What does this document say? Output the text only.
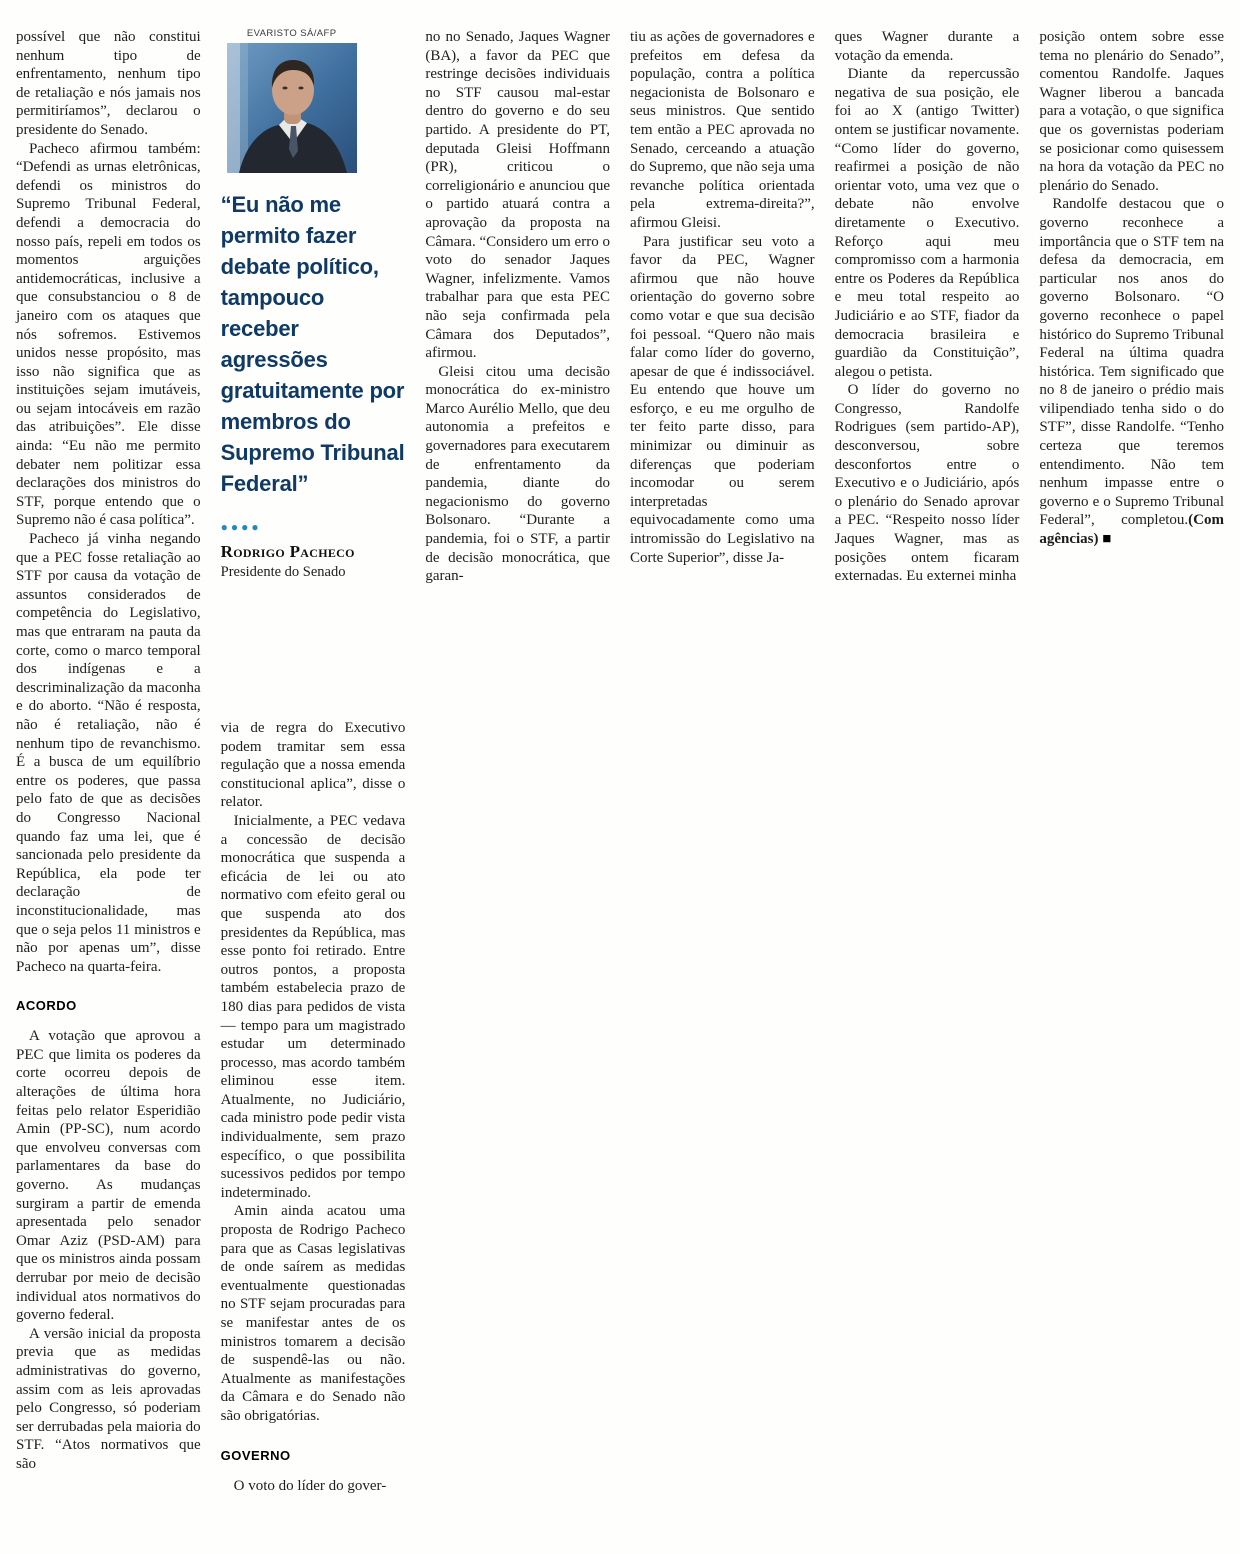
possível que não constitui nenhum tipo de enfrentamento, nenhum tipo de retaliação e nós jamais nos permitiríamos”, declarou o presidente do Senado.

Pacheco afirmou também: “Defendi as urnas eletrônicas, defendi os ministros do Supremo Tribunal Federal, defendi a democracia do nosso país, repeli em todos os momentos arguições antidemocráticas, inclusive a que consubstanciou o 8 de janeiro com os ataques que nós sofremos. Estivemos unidos nesse propósito, mas isso não significa que as instituições sejam imutáveis, ou sejam intocáveis em razão das atribuições”. Ele disse ainda: “Eu não me permito debater nem politizar essa declarações dos ministros do STF, porque entendo que o Supremo não é casa política”.

Pacheco já vinha negando que a PEC fosse retaliação ao STF por causa da votação de assuntos considerados de competência do Legislativo, mas que entraram na pauta da corte, como o marco temporal dos indígenas e a descriminalização da maconha e do aborto. “Não é resposta, não é retaliação, não é nenhum tipo de revanchismo. É a busca de um equilíbrio entre os poderes, que passa pelo fato de que as decisões do Congresso Nacional quando faz uma lei, que é sancionada pelo presidente da República, ela pode ter declaração de inconstitucionalidade, mas que o seja pelos 11 ministros e não por apenas um”, disse Pacheco na quarta-feira.

ACORDO

A votação que aprovou a PEC que limita os poderes da corte ocorreu depois de alterações de última hora feitas pelo relator Esperidião Amin (PP-SC), num acordo que envolveu conversas com parlamentares da base do governo. As mudanças surgiram a partir de emenda apresentada pelo senador Omar Aziz (PSD-AM) para que os ministros ainda possam derrubar por meio de decisão individual atos normativos do governo federal.

A versão inicial da proposta previa que as medidas administrativas do governo, assim com as leis aprovadas pelo Congresso, só poderiam ser derrubadas pela maioria do STF. “Atos normativos que são

EVARISTO SÁ/AFP
“Eu não me permito fazer debate político, tampouco receber agressões gratuitamente por membros do Supremo Tribunal Federal”
●●●●
Rodrigo Pacheco
Presidente do Senado

via de regra do Executivo podem tramitar sem essa regulação que a nossa emenda constitucional aplica”, disse o relator.

Inicialmente, a PEC vedava a concessão de decisão monocrática que suspenda a eficácia de lei ou ato normativo com efeito geral ou que suspenda ato dos presidentes da República, mas esse ponto foi retirado. Entre outros pontos, a proposta também estabelecia prazo de 180 dias para pedidos de vista — tempo para um magistrado estudar um determinado processo, mas acordo também eliminou esse item. Atualmente, no Judiciário, cada ministro pode pedir vista individualmente, sem prazo específico, o que possibilita sucessivos pedidos por tempo indeterminado.

Amin ainda acatou uma proposta de Rodrigo Pacheco para que as Casas legislativas de onde saírem as medidas eventualmente questionadas no STF sejam procuradas para se manifestar antes de os ministros tomarem a decisão de suspendê-las ou não. Atualmente as manifestações da Câmara e do Senado não são obrigatórias.

GOVERNO

O voto do líder do gover-

no no Senado, Jaques Wagner (BA), a favor da PEC que restringe decisões individuais no STF causou mal-estar dentro do governo e do seu partido. A presidente do PT, deputada Gleisi Hoffmann (PR), criticou o correligionário e anunciou que o partido atuará contra a aprovação da proposta na Câmara. “Considero um erro o voto do senador Jaques Wagner, infelizmente. Vamos trabalhar para que esta PEC não seja confirmada pela Câmara dos Deputados”, afirmou.

Gleisi citou uma decisão monocrática do ex-ministro Marco Aurélio Mello, que deu autonomia a prefeitos e governadores para executarem de enfrentamento da pandemia, diante do negacionismo do governo Bolsonaro. “Durante a pandemia, foi o STF, a partir de decisão monocrática, que garan-

tiu as ações de governadores e prefeitos em defesa da população, contra a política negacionista de Bolsonaro e seus ministros. Que sentido tem então a PEC aprovada no Senado, cerceando a atuação do Supremo, que não seja uma revanche política orientada pela extrema-direita?”, afirmou Gleisi.

Para justificar seu voto a favor da PEC, Wagner afirmou que não houve orientação do governo sobre como votar e que sua decisão foi pessoal. “Quero não mais falar como líder do governo, apesar de que é indissociável. Eu entendo que houve um esforço, e eu me orgulho de ter feito parte disso, para minimizar ou diminuir as diferenças que poderiam incomodar ou serem interpretadas equivocadamente como uma intromissão do Legislativo na Corte Superior”, disse Ja-

ques Wagner durante a votação da emenda.

Diante da repercussão negativa de sua posição, ele foi ao X (antigo Twitter) ontem se justificar novamente. “Como líder do governo, reafirmei a posição de não orientar voto, uma vez que o debate não envolve diretamente o Executivo. Reforço aqui meu compromisso com a harmonia entre os Poderes da República e meu total respeito ao Judiciário e ao STF, fiador da democracia brasileira e guardião da Constituição”, alegou o petista.

O líder do governo no Congresso, Randolfe Rodrigues (sem partido-AP), desconversou, sobre desconfortos entre o Executivo e o Judiciário, após o plenário do Senado aprovar a PEC. “Respeito nosso líder Jaques Wagner, mas as posições ontem ficaram externadas. Eu externei minha

posição ontem sobre esse tema no plenário do Senado”, comentou Randolfe. Jaques Wagner liberou a bancada para a votação, o que significa que os governistas poderiam se posicionar como quisessem na hora da votação da PEC no plenário do Senado.

Randolfe destacou que o governo reconhece a importância que o STF tem na defesa da democracia, em particular nos anos do governo Bolsonaro. “O governo reconhece o papel histórico do Supremo Tribunal Federal na última quadra histórica. Tem significado que no 8 de janeiro o prédio mais vilipendiado tenha sido o do STF”, disse Randolfe. “Tenho certeza que teremos entendimento. Não tem nenhum impasse entre o governo e o Supremo Tribunal Federal”, completou.(Com agências) ■
